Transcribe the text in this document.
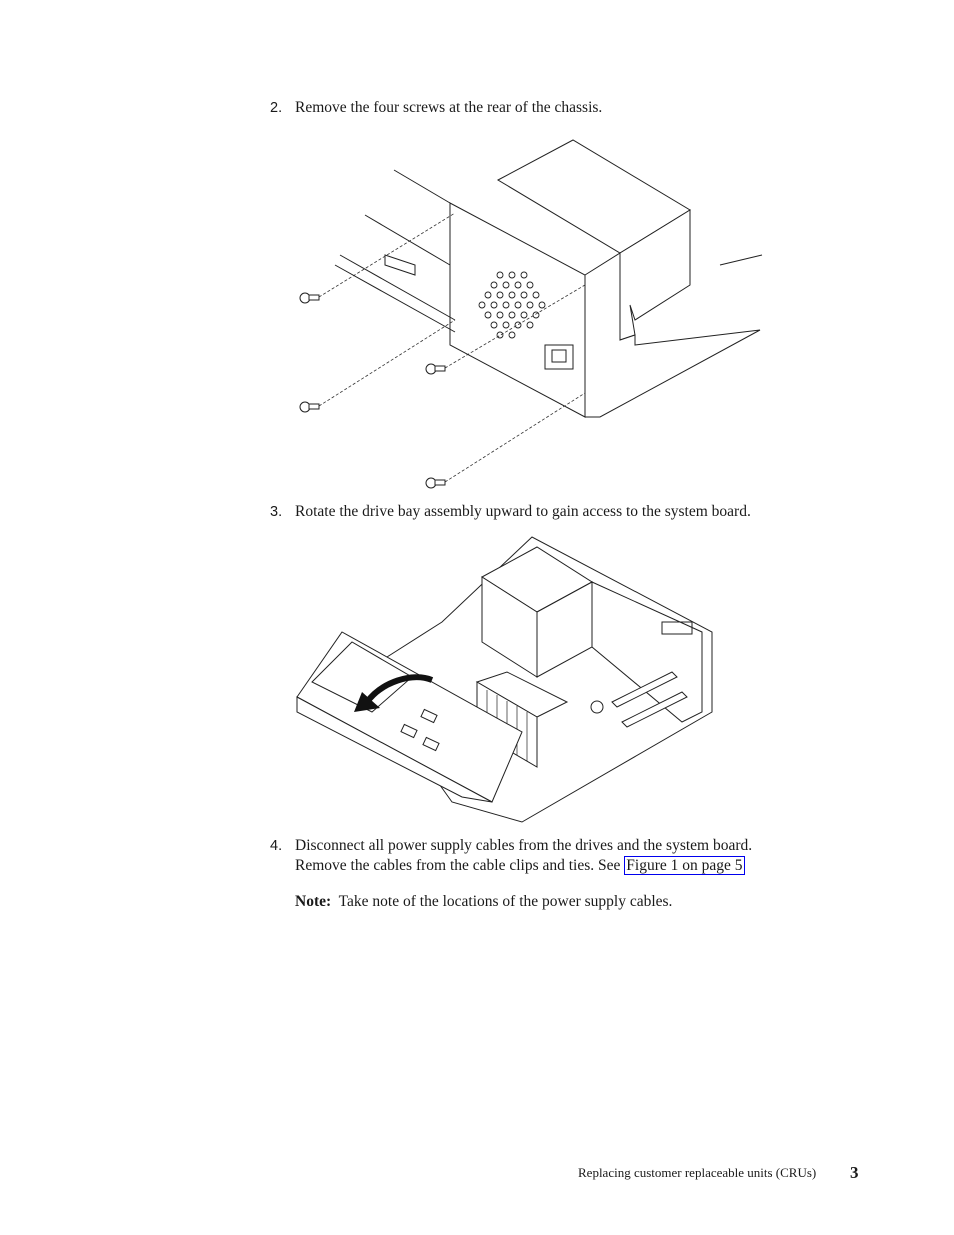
2. Remove the four screws at the rear of the chassis.
3. Rotate the drive bay assembly upward to gain access to the system board.
4. Disconnect all power supply cables from the drives and the system board.
Remove the cables from the cable clips and ties. See Figure 1 on page 5
Note: Take note of the locations of the power supply cables.
Replacing customer replaceable units (CRUs) 3
